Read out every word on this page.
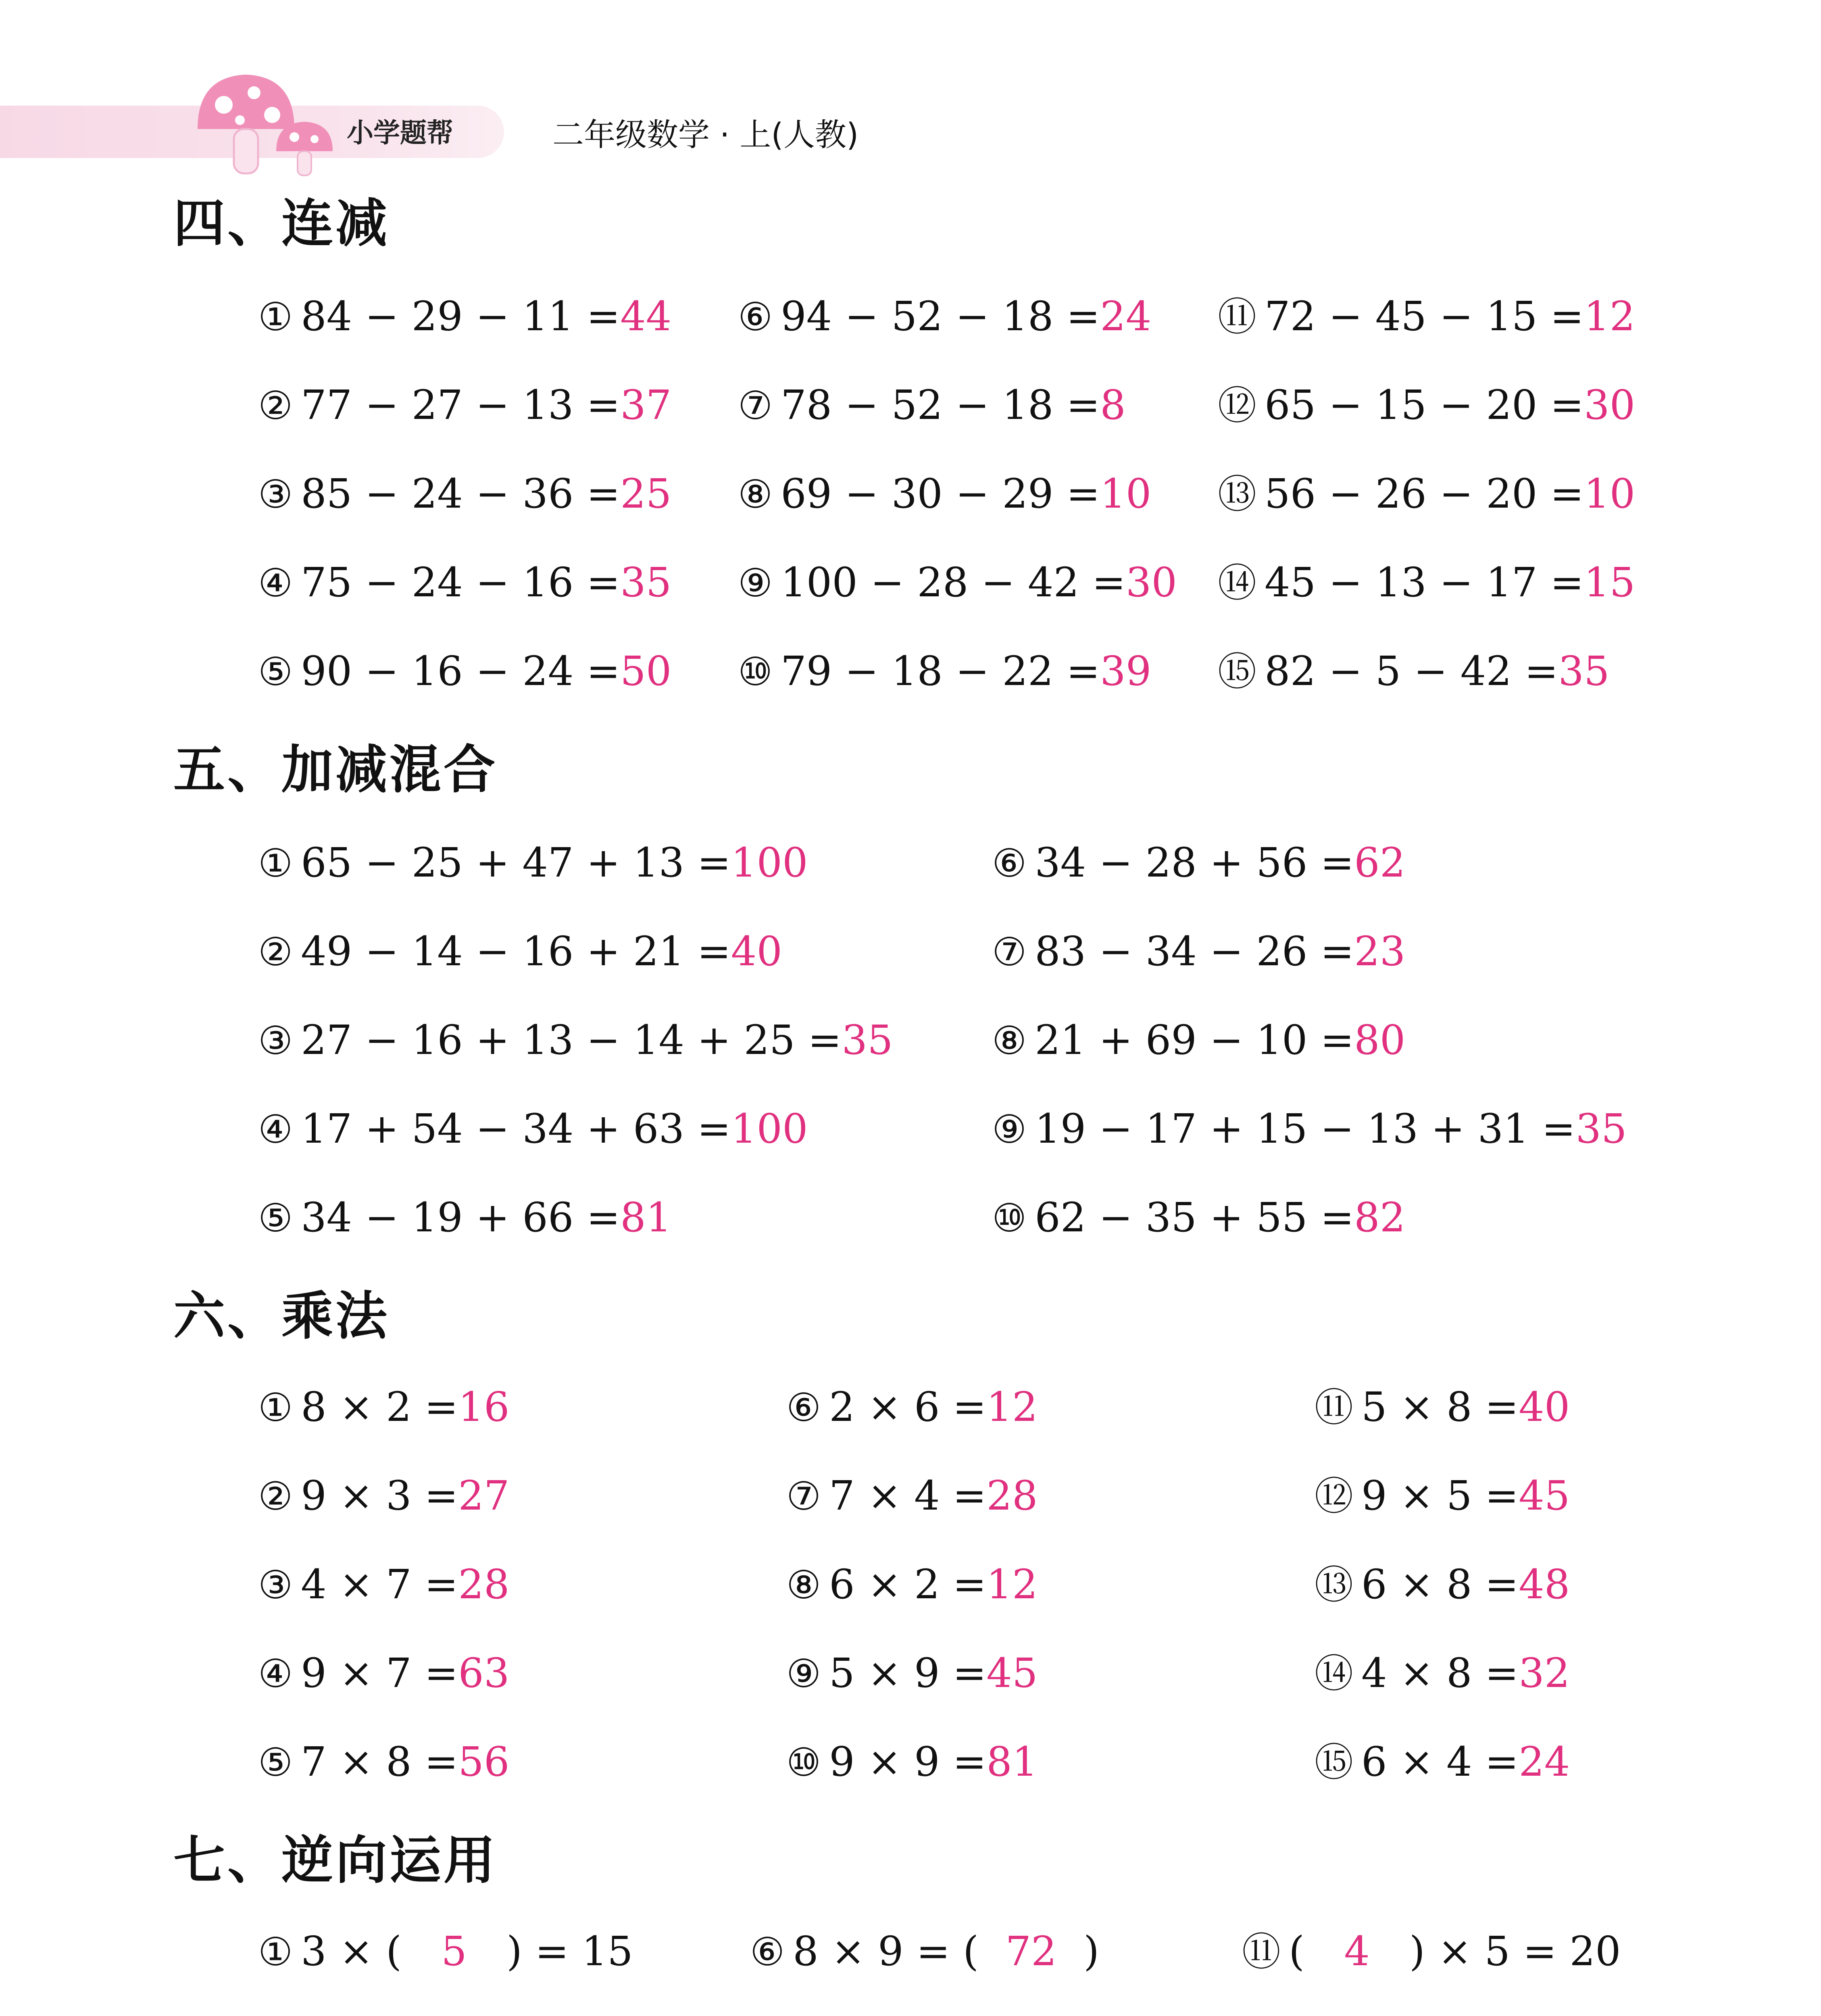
小学题帮	二年级数学 · 上(人教)
四、连减
① 84 − 29 − 11 =44
② 77 − 27 − 13 =37
③ 85 − 24 − 36 =25
④ 75 − 24 − 16 =35
⑤ 90 − 16 − 24 =50
⑥ 94 − 52 − 18 =24
⑦ 78 − 52 − 18 =8
⑧ 69 − 30 − 29 =10
⑨ 100 − 28 − 42 =30
⑩ 79 − 18 − 22 =39
⑪ 72 − 45 − 15 =12
⑫ 65 − 15 − 20 =30
⑬ 56 − 26 − 20 =10
⑭ 45 − 13 − 17 =15
⑮ 82 − 5 − 42 =35
五、加减混合
① 65 − 25 + 47 + 13 =100
② 49 − 14 − 16 + 21 =40
③ 27 − 16 + 13 − 14 + 25 =35
④ 17 + 54 − 34 + 63 =100
⑤ 34 − 19 + 66 =81
⑥ 34 − 28 + 56 =62
⑦ 83 − 34 − 26 =23
⑧ 21 + 69 − 10 =80
⑨ 19 − 17 + 15 − 13 + 31 =35
⑩ 62 − 35 + 55 =82
六、乘法
① 8 × 2 =16
② 9 × 3 =27
③ 4 × 7 =28
④ 9 × 7 =63
⑤ 7 × 8 =56
⑥ 2 × 6 =12
⑦ 7 × 4 =28
⑧ 6 × 2 =12
⑨ 5 × 9 =45
⑩ 9 × 9 =81
⑪ 5 × 8 =40
⑫ 9 × 5 =45
⑬ 6 × 8 =48
⑭ 4 × 8 =32
⑮ 6 × 4 =24
七、逆向运用
① 3 × ( 5 ) = 15	⑥ 8 × 9 = ( 72 )	⑪ ( 4 ) × 5 = 20
